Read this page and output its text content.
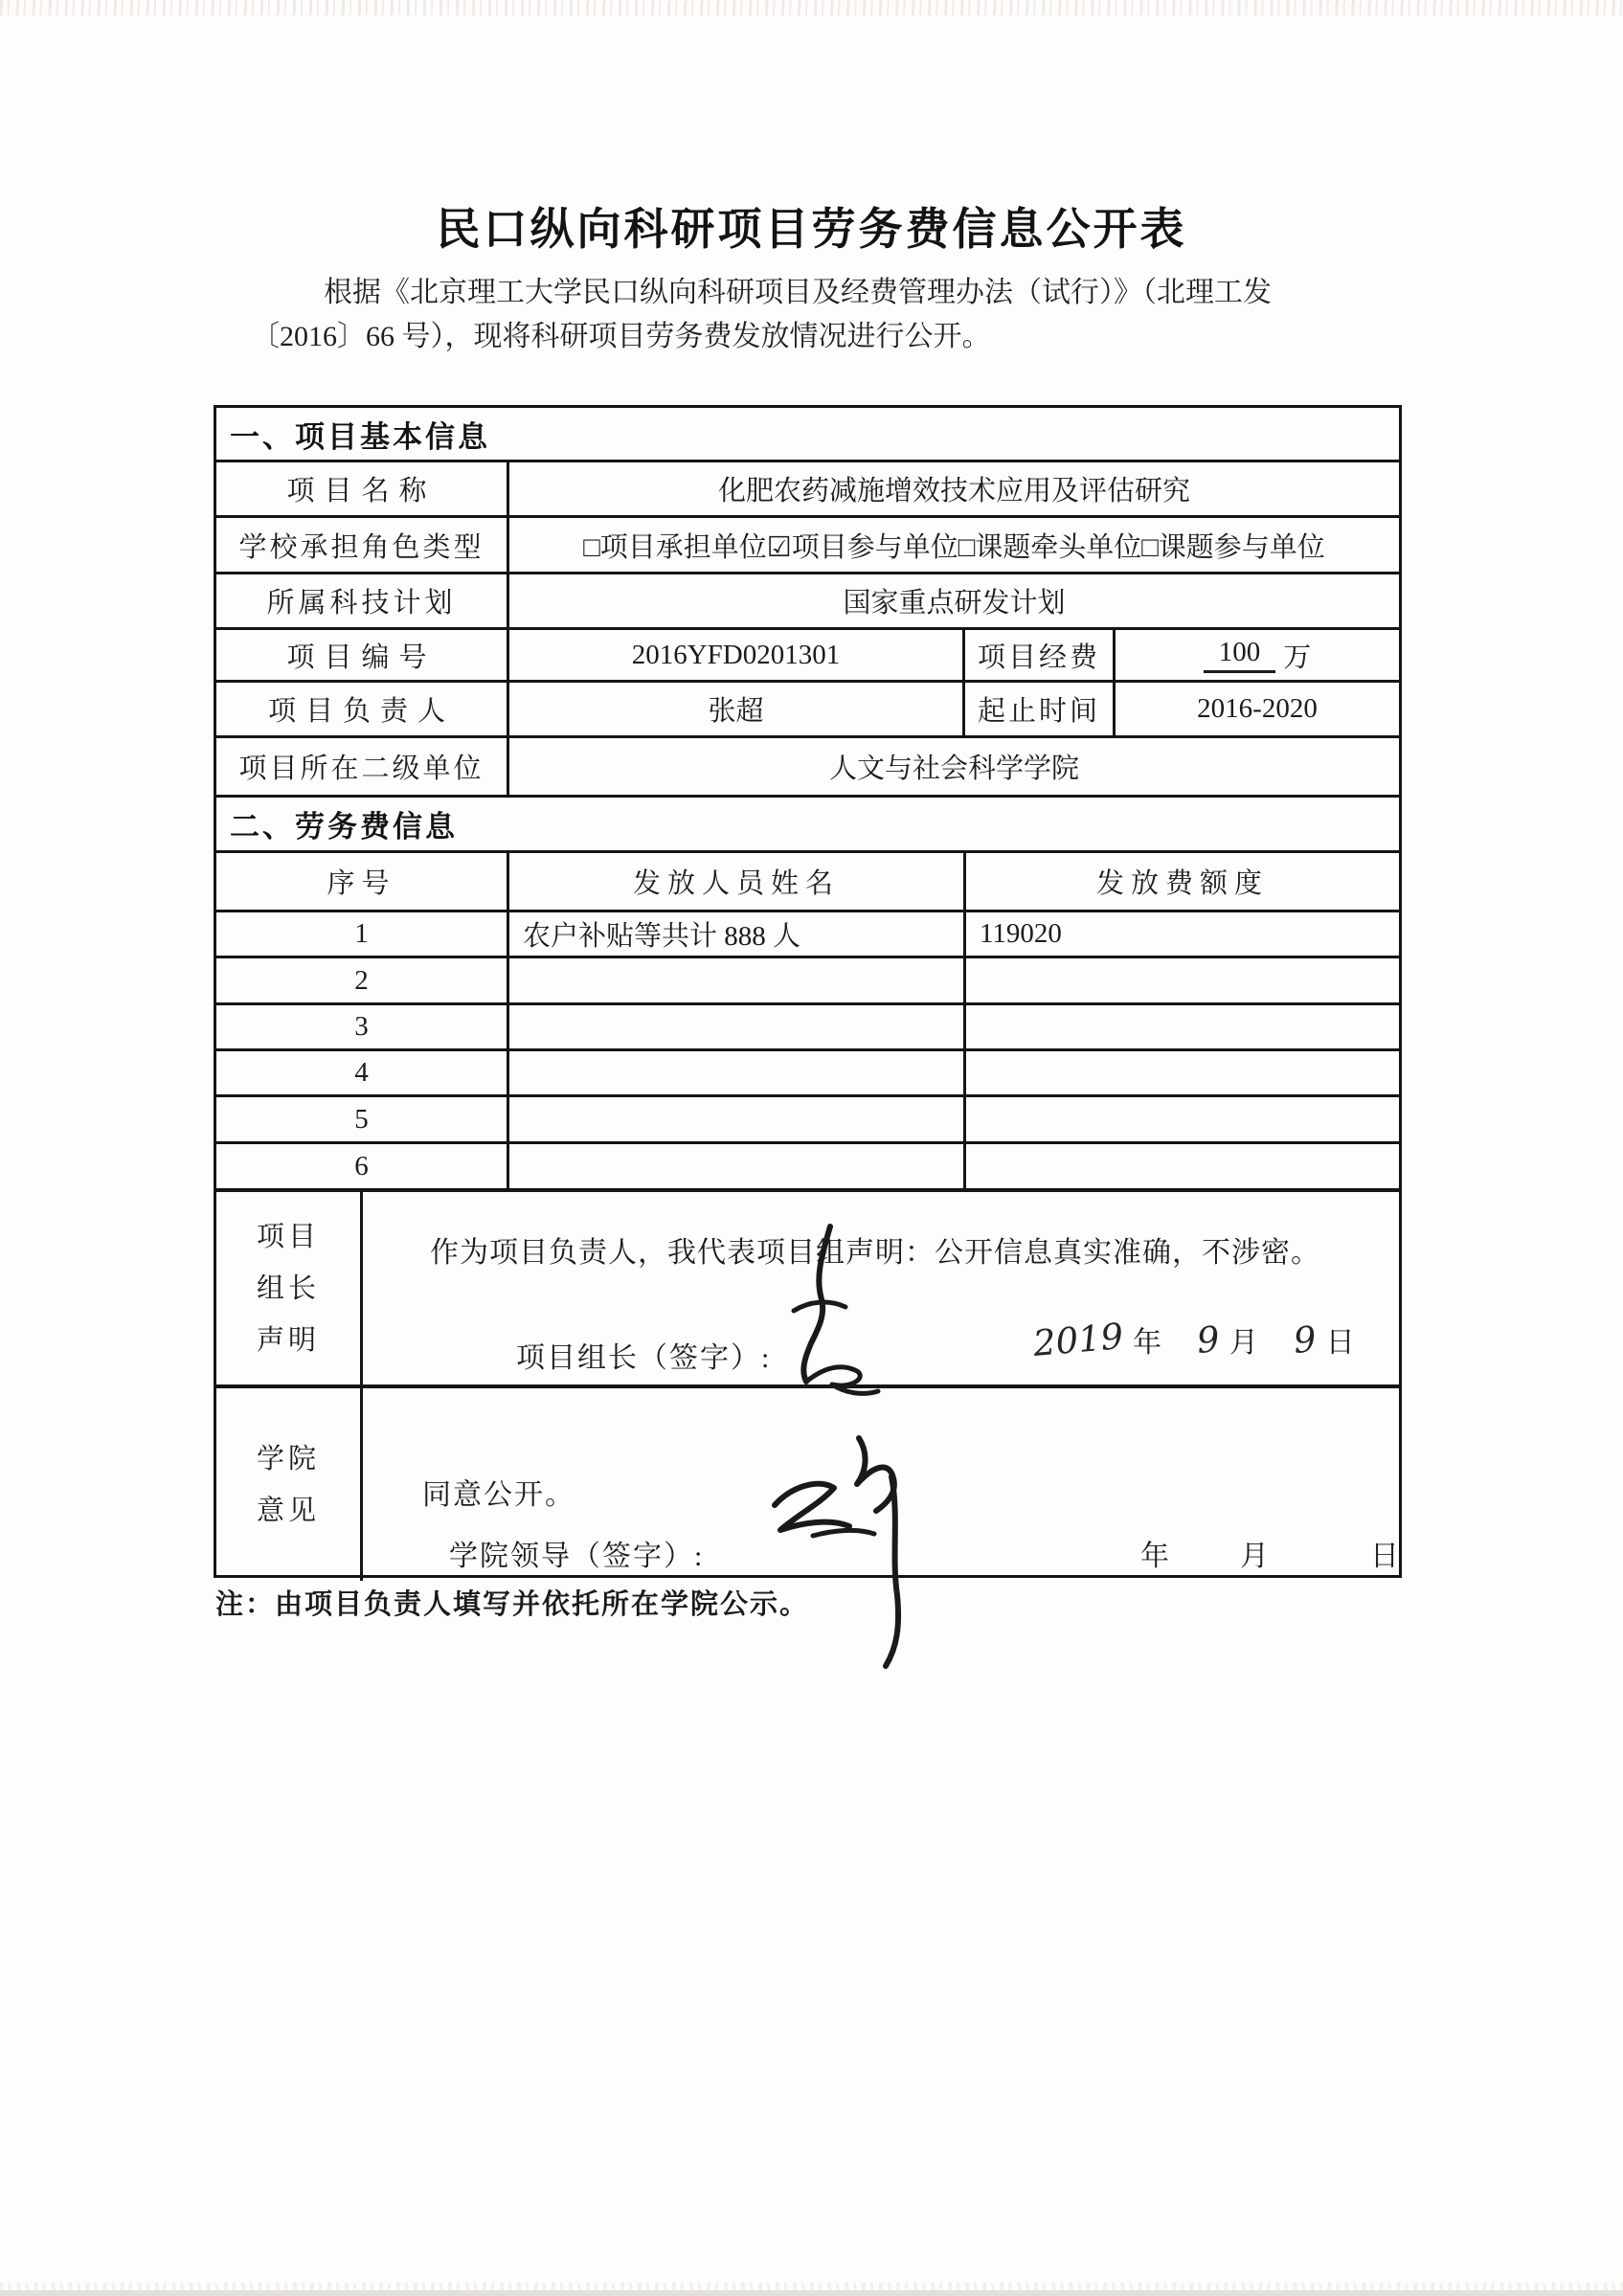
民口纵向科研项目劳务费信息公开表
根据《北京理工大学民口纵向科研项目及经费管理办法（试行）》（北理工发
〔2016〕66 号），现将科研项目劳务费发放情况进行公开。
一、项目基本信息
项目名称	化肥农药减施增效技术应用及评估研究
学校承担角色类型	□项目承担单位☑项目参与单位□课题牵头单位□课题参与单位
所属科技计划	国家重点研发计划
项目编号	2016YFD0201301	项目经费	100 万
项目负责人	张超	起止时间	2016-2020
项目所在二级单位	人文与社会科学学院
二、劳务费信息
序号	发放人员姓名	发放费额度
1	农户补贴等共计 888 人	119020
2
3
4
5
6
项目
组长
声明
作为项目负责人，我代表项目组声明：公开信息真实准确，不涉密。
项目组长（签字）:	2019 年 9 月 9 日
学院
意见	同意公开。
学院领导（签字）:	年 月	日
注：由项目负责人填写并依托所在学院公示。
